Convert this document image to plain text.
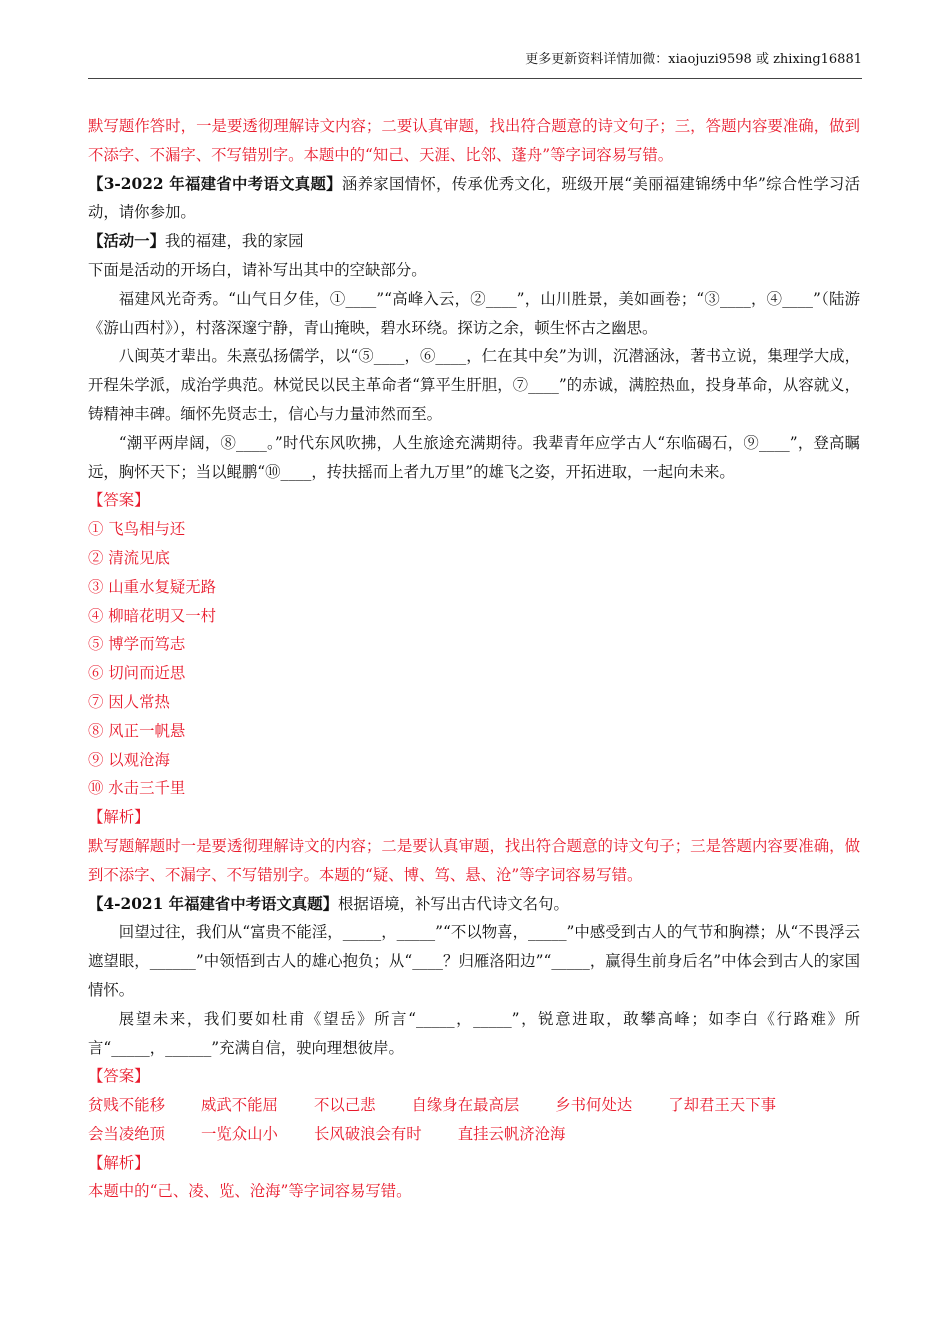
更多更新资料详情加微：xiaojuzi9598 或 zhixing16881

默写题作答时，一是要透彻理解诗文内容；二要认真审题，找出符合题意的诗文句子；三，答题内容要准确，做到不添字、不漏字、不写错别字。本题中的“知己、天涯、比邻、蓬舟”等字词容易写错。

【3-2022 年福建省中考语文真题】涵养家国情怀，传承优秀文化，班级开展“美丽福建锦绣中华”综合性学习活动，请你参加。

【活动一】我的福建，我的家园

下面是活动的开场白，请补写出其中的空缺部分。

福建风光奇秀。“山气日夕佳，①____”“高峰入云，②____”，山川胜景，美如画卷；“③____，④____”（陆游《游山西村》），村落深邃宁静，青山掩映，碧水环绕。探访之余，顿生怀古之幽思。

八闽英才辈出。朱熹弘扬儒学，以“⑤____，⑥____，仁在其中矣”为训，沉潜涵泳，著书立说，集理学大成，开程朱学派，成治学典范。林觉民以民主革命者“算平生肝胆，⑦____”的赤诚，满腔热血，投身革命，从容就义，铸精神丰碑。缅怀先贤志士，信心与力量沛然而至。

“潮平两岸阔，⑧____。”时代东风吹拂，人生旅途充满期待。我辈青年应学古人“东临碣石，⑨____”，登高瞩远，胸怀天下；当以鲲鹏“⑩____，抟扶摇而上者九万里”的雄飞之姿，开拓进取，一起向未来。

【答案】

① 飞鸟相与还

② 清流见底

③ 山重水复疑无路

④ 柳暗花明又一村

⑤ 博学而笃志

⑥ 切问而近思

⑦ 因人常热

⑧ 风正一帆悬

⑨ 以观沧海

⑩ 水击三千里

【解析】

默写题解题时一是要透彻理解诗文的内容；二是要认真审题，找出符合题意的诗文句子；三是答题内容要准确，做到不添字、不漏字、不写错别字。本题的“疑、博、笃、悬、沧”等字词容易写错。

【4-2021 年福建省中考语文真题】根据语境，补写出古代诗文名句。

回望过往，我们从“富贵不能淫，_____，_____”“不以物喜，_____”中感受到古人的气节和胸襟；从“不畏浮云遮望眼，______”中领悟到古人的雄心抱负；从“____？归雁洛阳边”“_____，赢得生前身后名”中体会到古人的家国情怀。

展望未来，我们要如杜甫《望岳》所言“_____，_____”，锐意进取，敢攀高峰；如李白《行路难》所言“_____，______”充满自信，驶向理想彼岸。

【答案】

贫贱不能移 威武不能屈 不以己悲 自缘身在最高层 乡书何处达 了却君王天下事
会当凌绝顶 一览众山小 长风破浪会有时 直挂云帆济沧海

【解析】

本题中的“己、凌、览、沧海”等字词容易写错。
